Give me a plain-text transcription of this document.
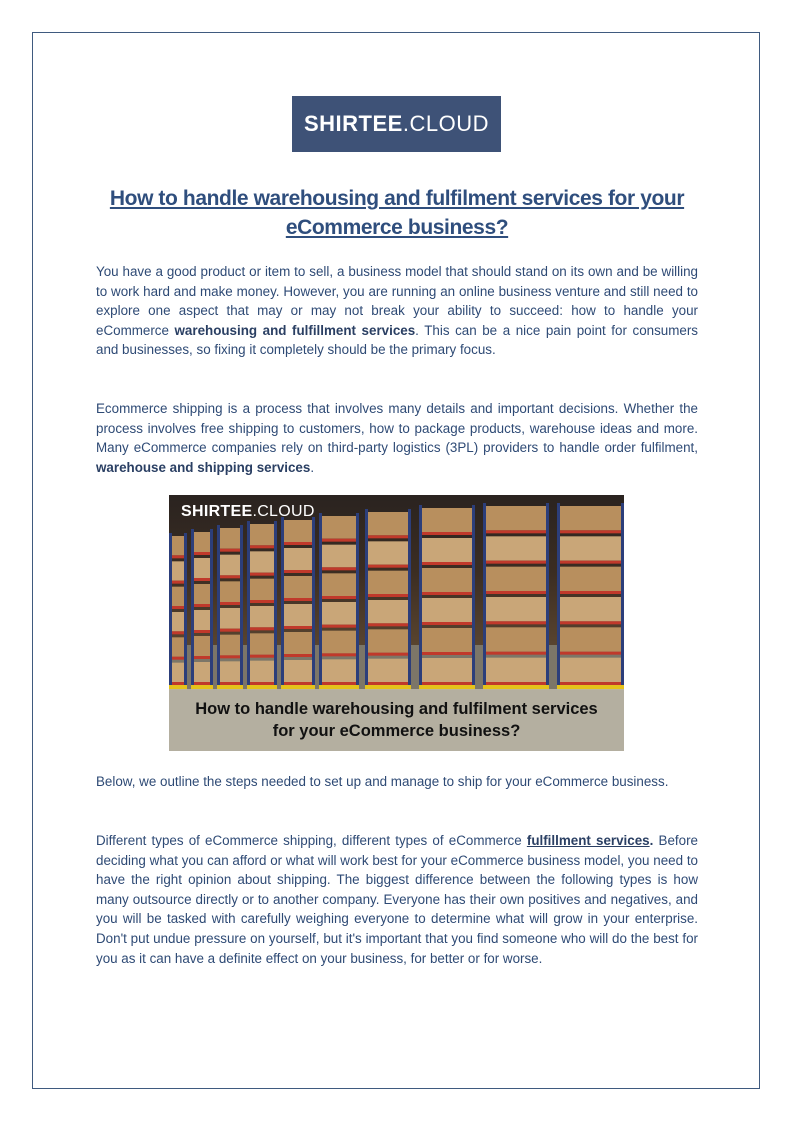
SHIRTEE .CLOUD
How to handle warehousing and fulfilment services for your eCommerce business?

You have a good product or item to sell, a business model that should stand on its own and be willing to work hard and make money. However, you are running an online business venture and still need to explore one aspect that may or may not break your ability to succeed: how to handle your eCommerce warehousing and fulfillment services. This can be a nice pain point for consumers and businesses, so fixing it completely should be the primary focus.

Ecommerce shipping is a process that involves many details and important decisions. Whether the process involves free shipping to customers, how to package products, warehouse ideas and more. Many eCommerce companies rely on third-party logistics (3PL) providers to handle order fulfilment, warehouse and shipping services.

SHIRTEE.CLOUD
How to handle warehousing and fulfilment services
for your eCommerce business?

Below, we outline the steps needed to set up and manage to ship for your eCommerce business.

Different types of eCommerce shipping, different types of eCommerce fulfillment services. Before deciding what you can afford or what will work best for your eCommerce business model, you need to have the right opinion about shipping. The biggest difference between the following types is how many outsource directly or to another company. Everyone has their own positives and negatives, and you will be tasked with carefully weighing everyone to determine what will grow in your enterprise. Don't put undue pressure on yourself, but it's important that you find someone who will do the best for you as it can have a definite effect on your business, for better or for worse.
